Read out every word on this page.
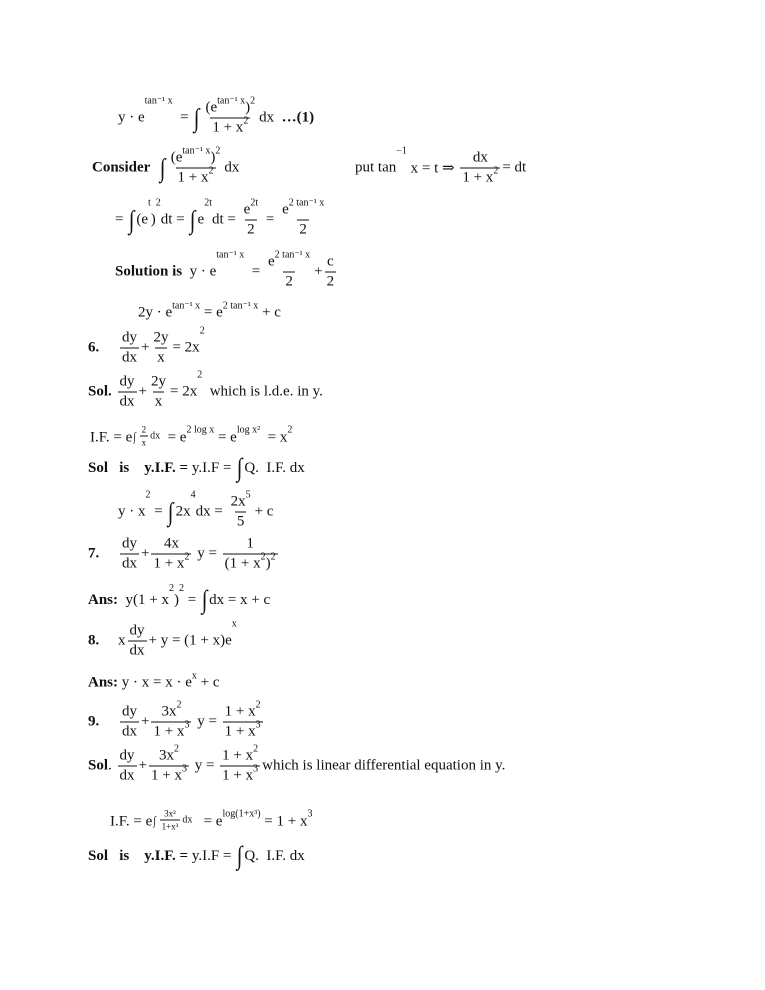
y · e
tan⁻¹ x
= ∫ $\frac{\text{(e tan⁻¹ x ) 2}}{1 + x 2}$ dx …(1)
Consider ∫ $\frac{\text{(e tan⁻¹ x ) 2}}{1 + x 2}$ dx	put tan
−1
x = t ⇒ $\frac{dx}{1 + x 2}$ = dt
= ∫ (e
t
)
2
dt = ∫ e
2t
dt = $\frac{e 2t}{2} = \frac{\text{e 2 tan⁻¹ x}}{2}$
Solution is y · e
tan⁻¹ x
= $\frac{\text{e 2 tan⁻¹ x}}{2} + \frac{c}{2}$
2y · e tan⁻¹ x = e 2 tan⁻¹ x + c
6. $\frac{dy}{dx} + \frac{2y}{x} = 2x$
2
Sol. $\frac{dy}{dx} + \frac{2y}{x} = 2x$
2
which is l.d.e. in y.
I.F. = e ∫ $\frac{2}{x}$ dx = e 2 log x = e log x² = x 2
Sol   is    y.I.F. = y.I.F = ∫ Q.  I.F. dx
y · x
2
= ∫ 2x
4
dx = $\frac{2x 5}{5} + c$
7. $\frac{dy}{dx} + \frac{4x}{1 + x 2}$ $y = \frac{1}{(1 + x 2 ) 2}$
Ans: y(1 + x
2
)
2
= ∫ dx = x + c
8. x $\frac{dy}{dx} + y = (1 + x)e$
x
Ans: y · x = x · e x + c
9. $\frac{dy}{dx} + \frac{3x 2}{1 + x 3}$ $y = \frac{1 + x 2}{1 + x 3}$
Sol . $\frac{dy}{dx} + \frac{3x 2}{1 + x 3}$ $y = \frac{1 + x 2}{1 + x 3}$ which is linear differential equation in y.
I.F. = e ∫ $\frac{\text{3x²}}{\text{1+x³}}$ dx = e log(1+x³) = 1 + x 3
Sol   is    y.I.F. = y.I.F = ∫ Q.  I.F. dx
